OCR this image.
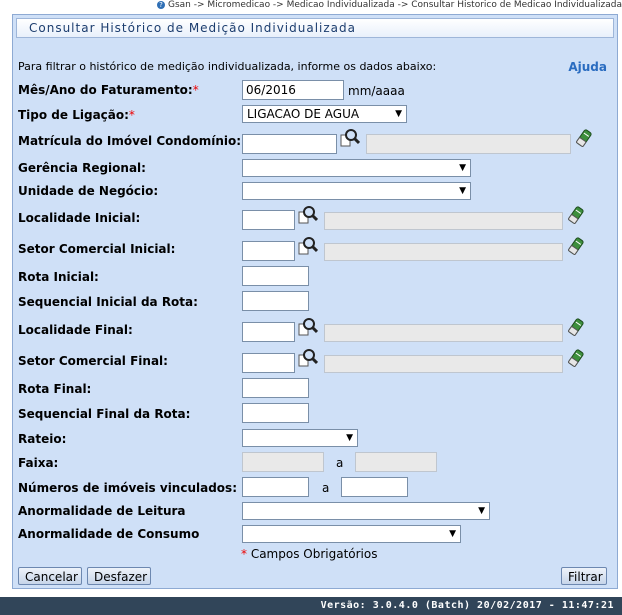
? Gsan -> Micromedicao -> Medicao Individualizada -> Consultar Historico de Medicao Individualizada
Consultar Histórico de Medição Individualizada
Para filtrar o histórico de medição individualizada, informe os dados abaixo:	Ajuda
Mês/Ano do Faturamento:*	06/2016	mm/aaaa
Tipo de Ligação:*	LIGACAO DE AGUA	▼
Matrícula do Imóvel Condomínio:
Gerência Regional:	▼
Unidade de Negócio:	▼
Localidade Inicial:
Setor Comercial Inicial:
Rota Inicial:
Sequencial Inicial da Rota:
Localidade Final:
Setor Comercial Final:
Rota Final:
Sequencial Final da Rota:
Rateio:	▼
Faixa:	a
Números de imóveis vinculados:	a
Anormalidade de Leitura	▼
Anormalidade de Consumo	▼
* Campos Obrigatórios
Cancelar	Desfazer	Filtrar
Versão: 3.0.4.0 (Batch) 20/02/2017 - 11:47:21
